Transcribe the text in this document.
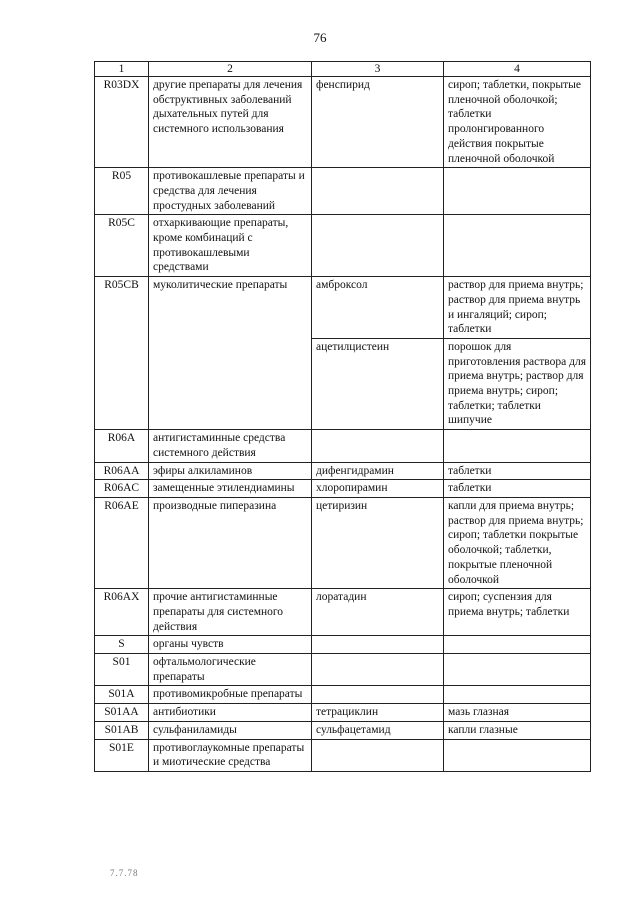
76
1	2	3	4
R03DX	другие препараты для лечения обструктивных заболеваний дыхательных путей для системного использования	фенспирид	сироп; таблетки, покрытые пленочной оболочкой; таблетки пролонгированного действия покрытые пленочной оболочкой
R05	противокашлевые препараты и средства для лечения простудных заболеваний		
R05C	отхаркивающие препараты, кроме комбинаций с противокашлевыми средствами		
R05CB	муколитические препараты	амброксол	раствор для приема внутрь; раствор для приема внутрь и ингаляций; сироп; таблетки
		ацетилцистеин	порошок для приготовления раствора для приема внутрь; раствор для приема внутрь; сироп; таблетки; таблетки шипучие
R06A	антигистаминные средства системного действия		
R06AA	эфиры алкиламинов	дифенгидрамин	таблетки
R06AC	замещенные этилендиамины	хлоропирамин	таблетки
R06AE	производные пиперазина	цетиризин	капли для приема внутрь; раствор для приема внутрь; сироп; таблетки покрытые оболочкой; таблетки, покрытые пленочной оболочкой
R06AX	прочие антигистаминные препараты для системного действия	лоратадин	сироп; суспензия для приема внутрь; таблетки
S	органы чувств		
S01	офтальмологические препараты		
S01A	противомикробные препараты		
S01AA	антибиотики	тетрациклин	мазь глазная
S01AB	сульфаниламиды	сульфацетамид	капли глазные
S01E	противоглаукомные препараты и миотические средства		
7.7.78
